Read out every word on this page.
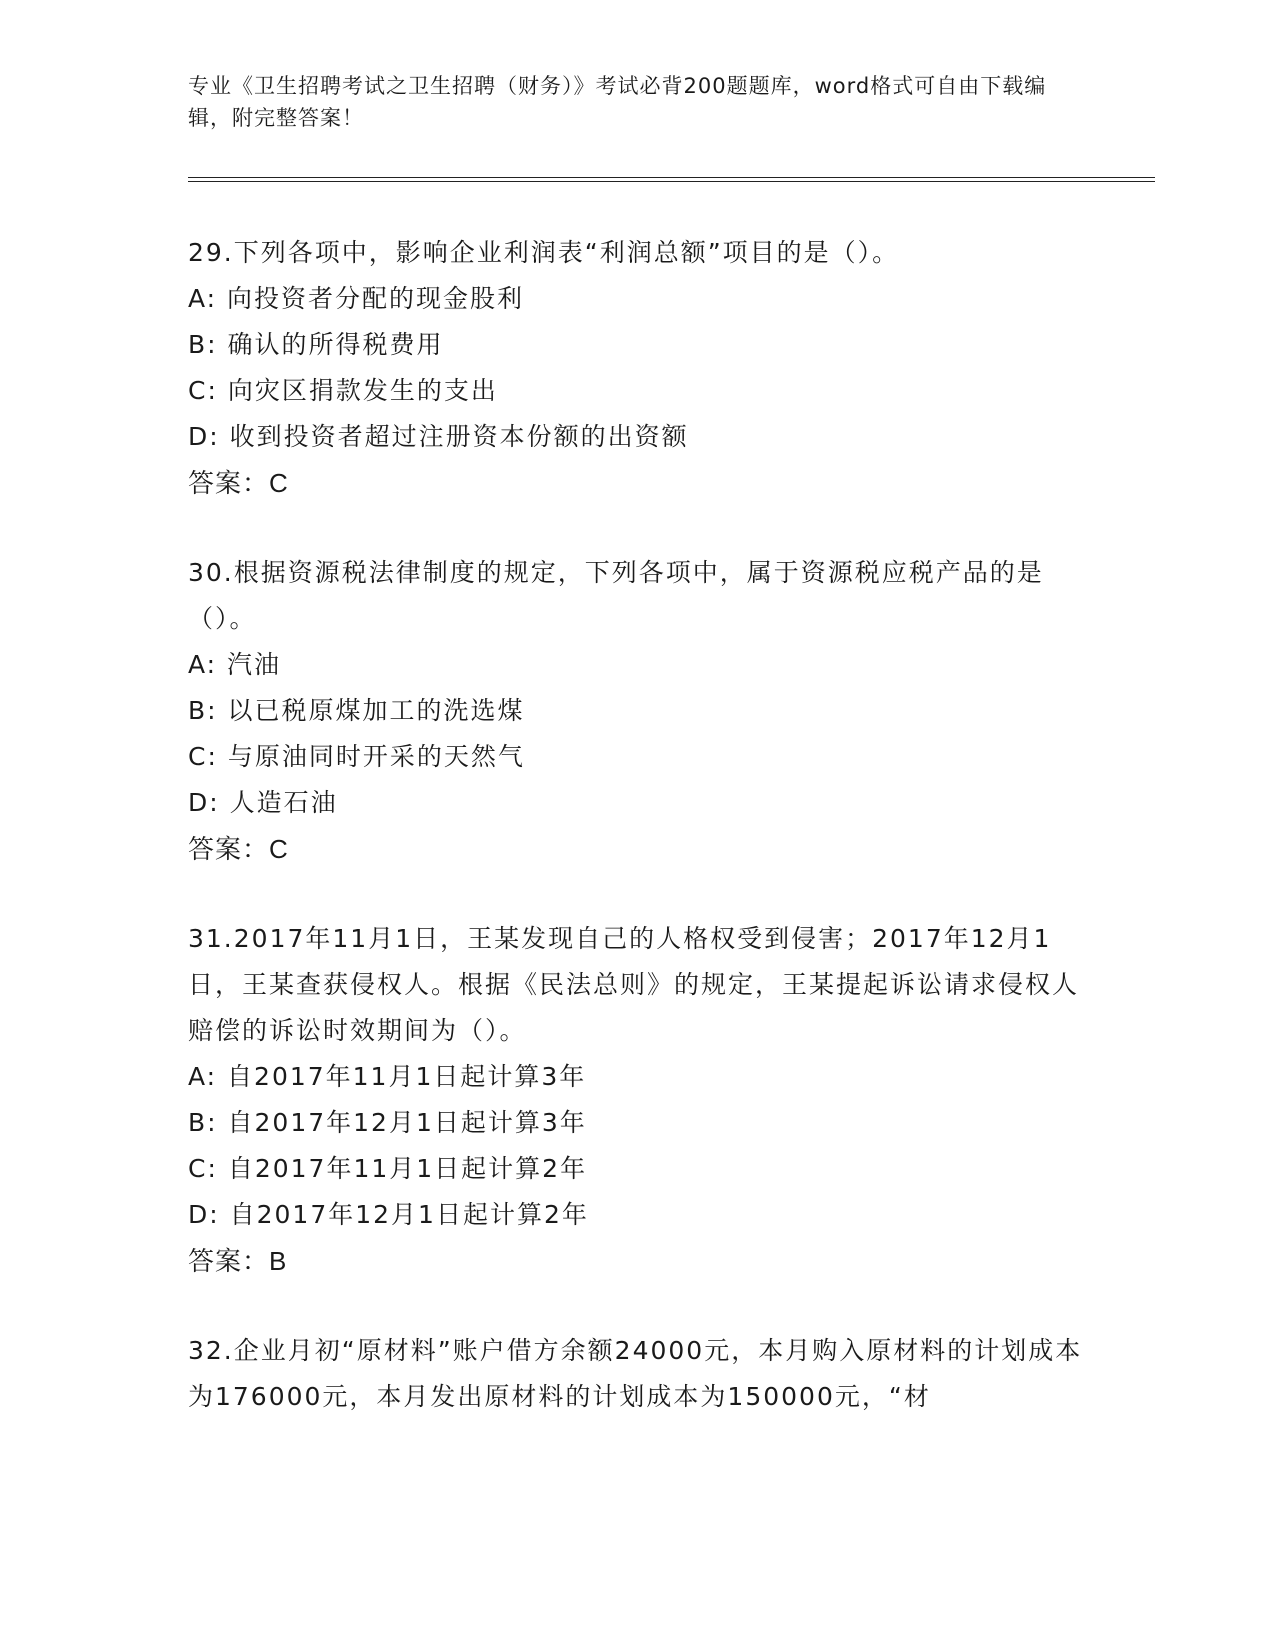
专业《卫生招聘考试之卫生招聘（财务）》考试必背200题题库，word格式可自由下载编辑，附完整答案！
29.下列各项中，影响企业利润表“利润总额”项目的是（）。
A: 向投资者分配的现金股利
B: 确认的所得税费用
C: 向灾区捐款发生的支出
D: 收到投资者超过注册资本份额的出资额
答案：C
30.根据资源税法律制度的规定，下列各项中，属于资源税应税产品的是（）。
A: 汽油
B: 以已税原煤加工的洗选煤
C: 与原油同时开采的天然气
D: 人造石油
答案：C
31.2017年11月1日，王某发现自己的人格权受到侵害；2017年12月1日，王某查获侵权人。根据《民法总则》的规定，王某提起诉讼请求侵权人赔偿的诉讼时效期间为（）。
A: 自2017年11月1日起计算3年
B: 自2017年12月1日起计算3年
C: 自2017年11月1日起计算2年
D: 自2017年12月1日起计算2年
答案：B
32.企业月初“原材料”账户借方余额24000元，本月购入原材料的计划成本为176000元，本月发出原材料的计划成本为150000元，“材
